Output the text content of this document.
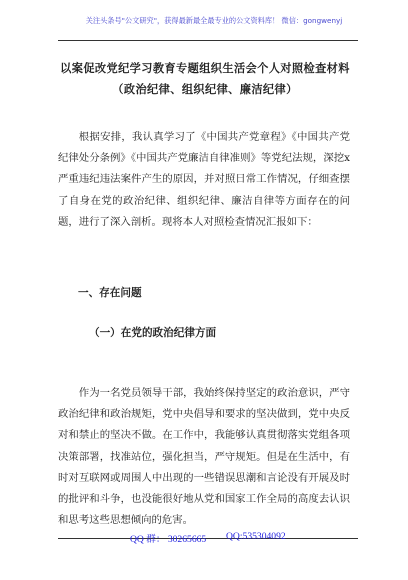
关注头条号"公文研究"，获得最新最全最专业的公文资料库！ 微信：gongwenyj
以案促改党纪学习教育专题组织生活会个人对照检查材料
（政治纪律、组织纪律、廉洁纪律）
根据安排，我认真学习了《中国共产党章程》《中国共产党纪律处分条例》《中国共产党廉洁自律准则》等党纪法规，深挖x严重违纪违法案件产生的原因，并对照日常工作情况，仔细查摆了自身在党的政治纪律、组织纪律、廉洁自律等方面存在的问题，进行了深入剖析。现将本人对照检查情况汇报如下：
一、存在问题
（一）在党的政治纪律方面
作为一名党员领导干部，我始终保持坚定的政治意识，严守政治纪律和政治规矩，党中央倡导和要求的坚决做到，党中央反对和禁止的坚决不做。在工作中，我能够认真贯彻落实党组各项决策部署，找准站位，强化担当，严守规矩。但是在生活中，有时对互联网或周围人中出现的一些错误思潮和言论没有开展及时的批评和斗争，也没能很好地从党和国家工作全局的高度去认识和思考这些思想倾向的危害。
QQ 群： 30265665 QQ:535304092
